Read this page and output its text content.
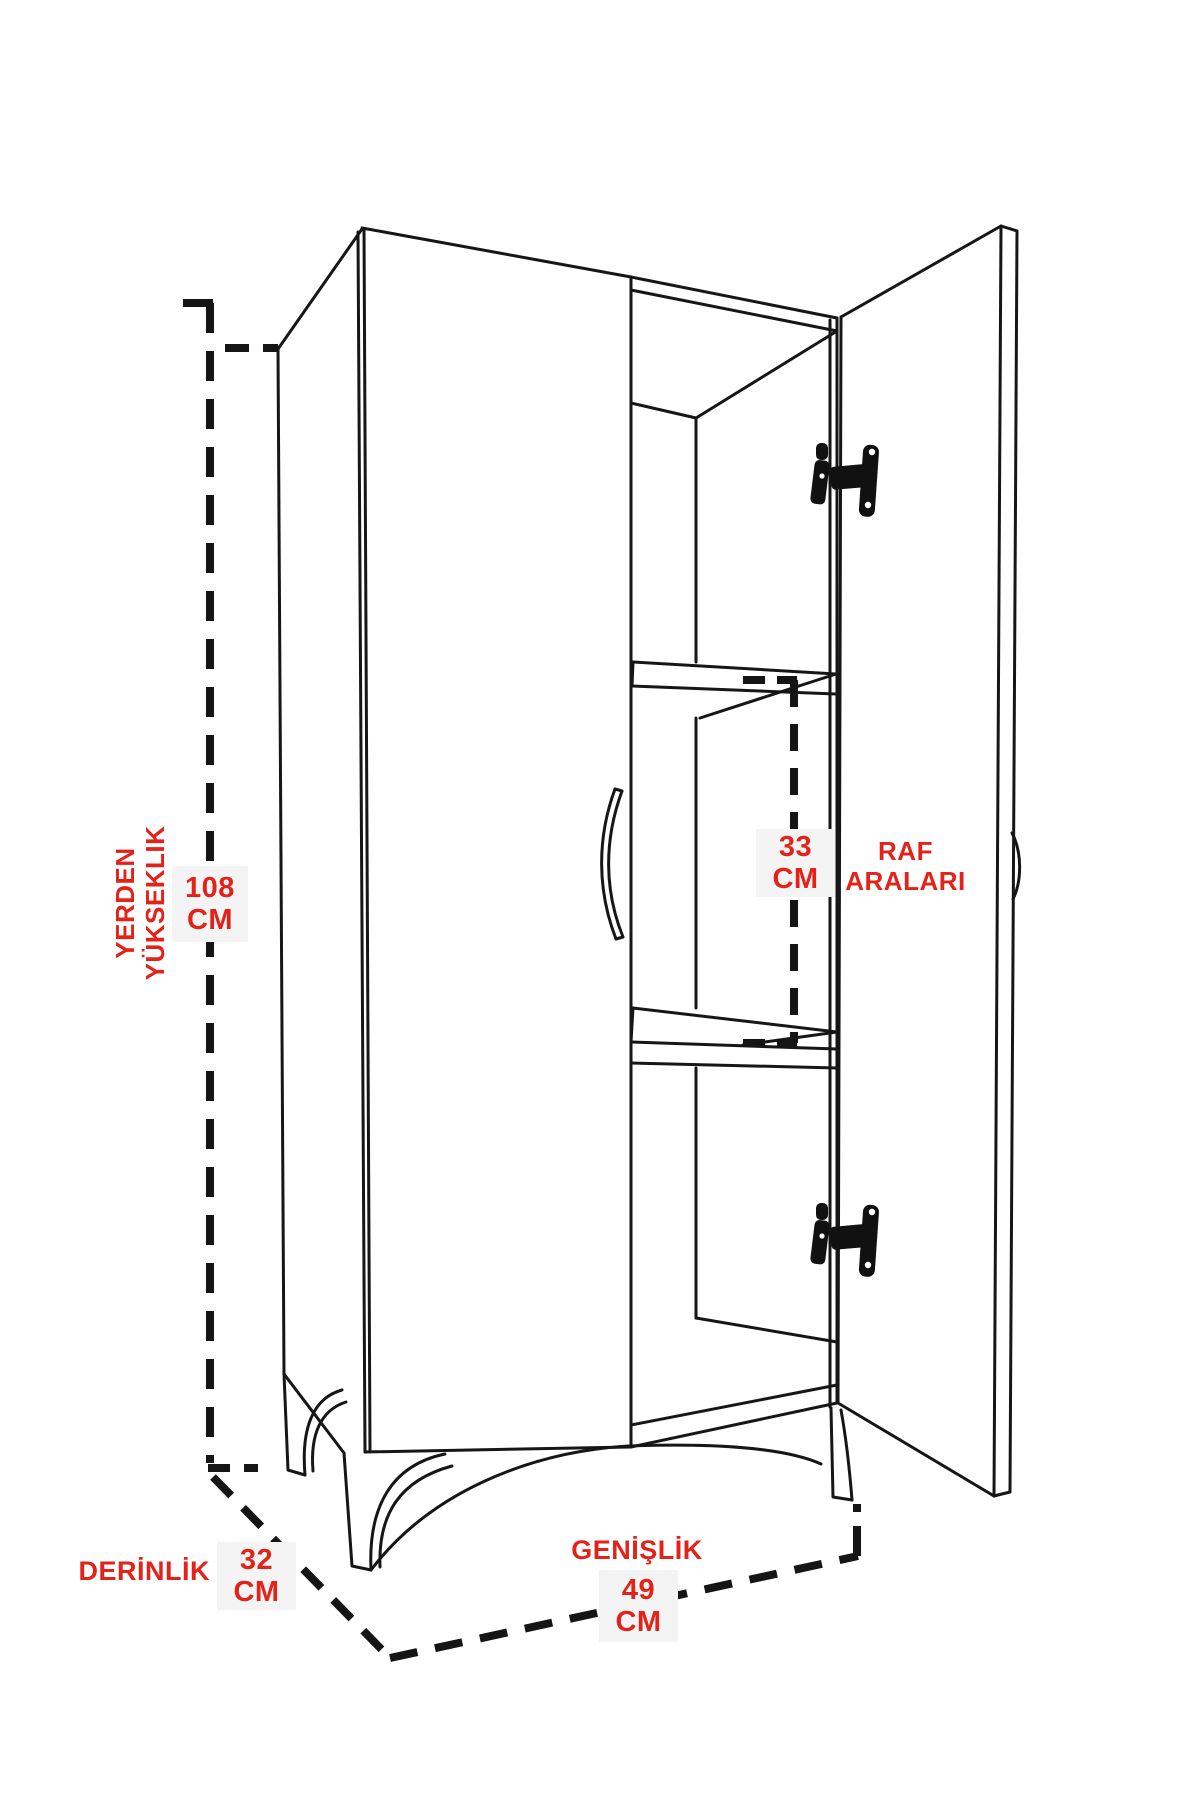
YERDEN
YÜKSEKLIK 108
CM
DERİNLİK 32
CM
GENİŞLİK
49
CM
33
CM
RAF
ARALARI
